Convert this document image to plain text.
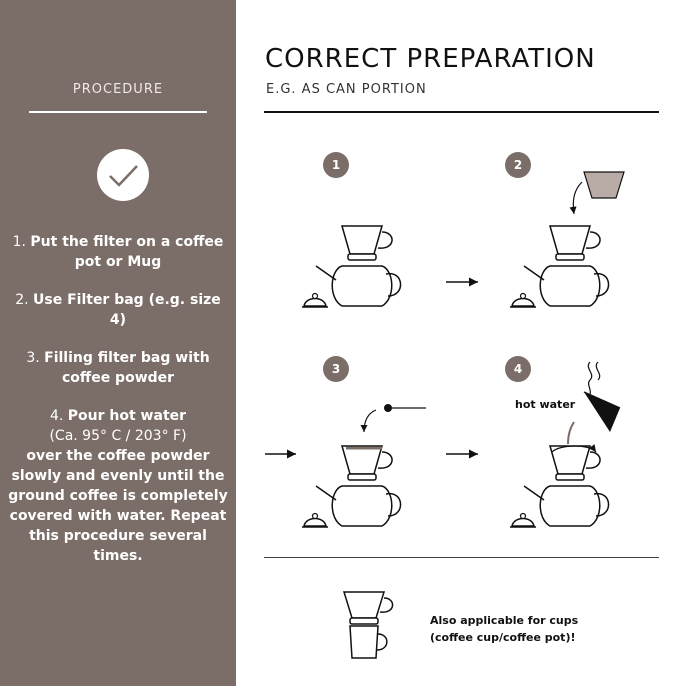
PROCEDURE
1. Put the filter on a coffee pot or Mug
2. Use Filter bag (e.g. size 4)
3. Filling filter bag with coffee powder
4. Pour hot water
(Ca. 95° C / 203° F)
over the coffee powder slowly and evenly until the ground coffee is completely covered with water. Repeat this procedure several times.
CORRECT PREPARATION
E.G. AS CAN PORTION
1	2
3	4
hot water
Also applicable for cups
(coffee cup/coffee pot)!
